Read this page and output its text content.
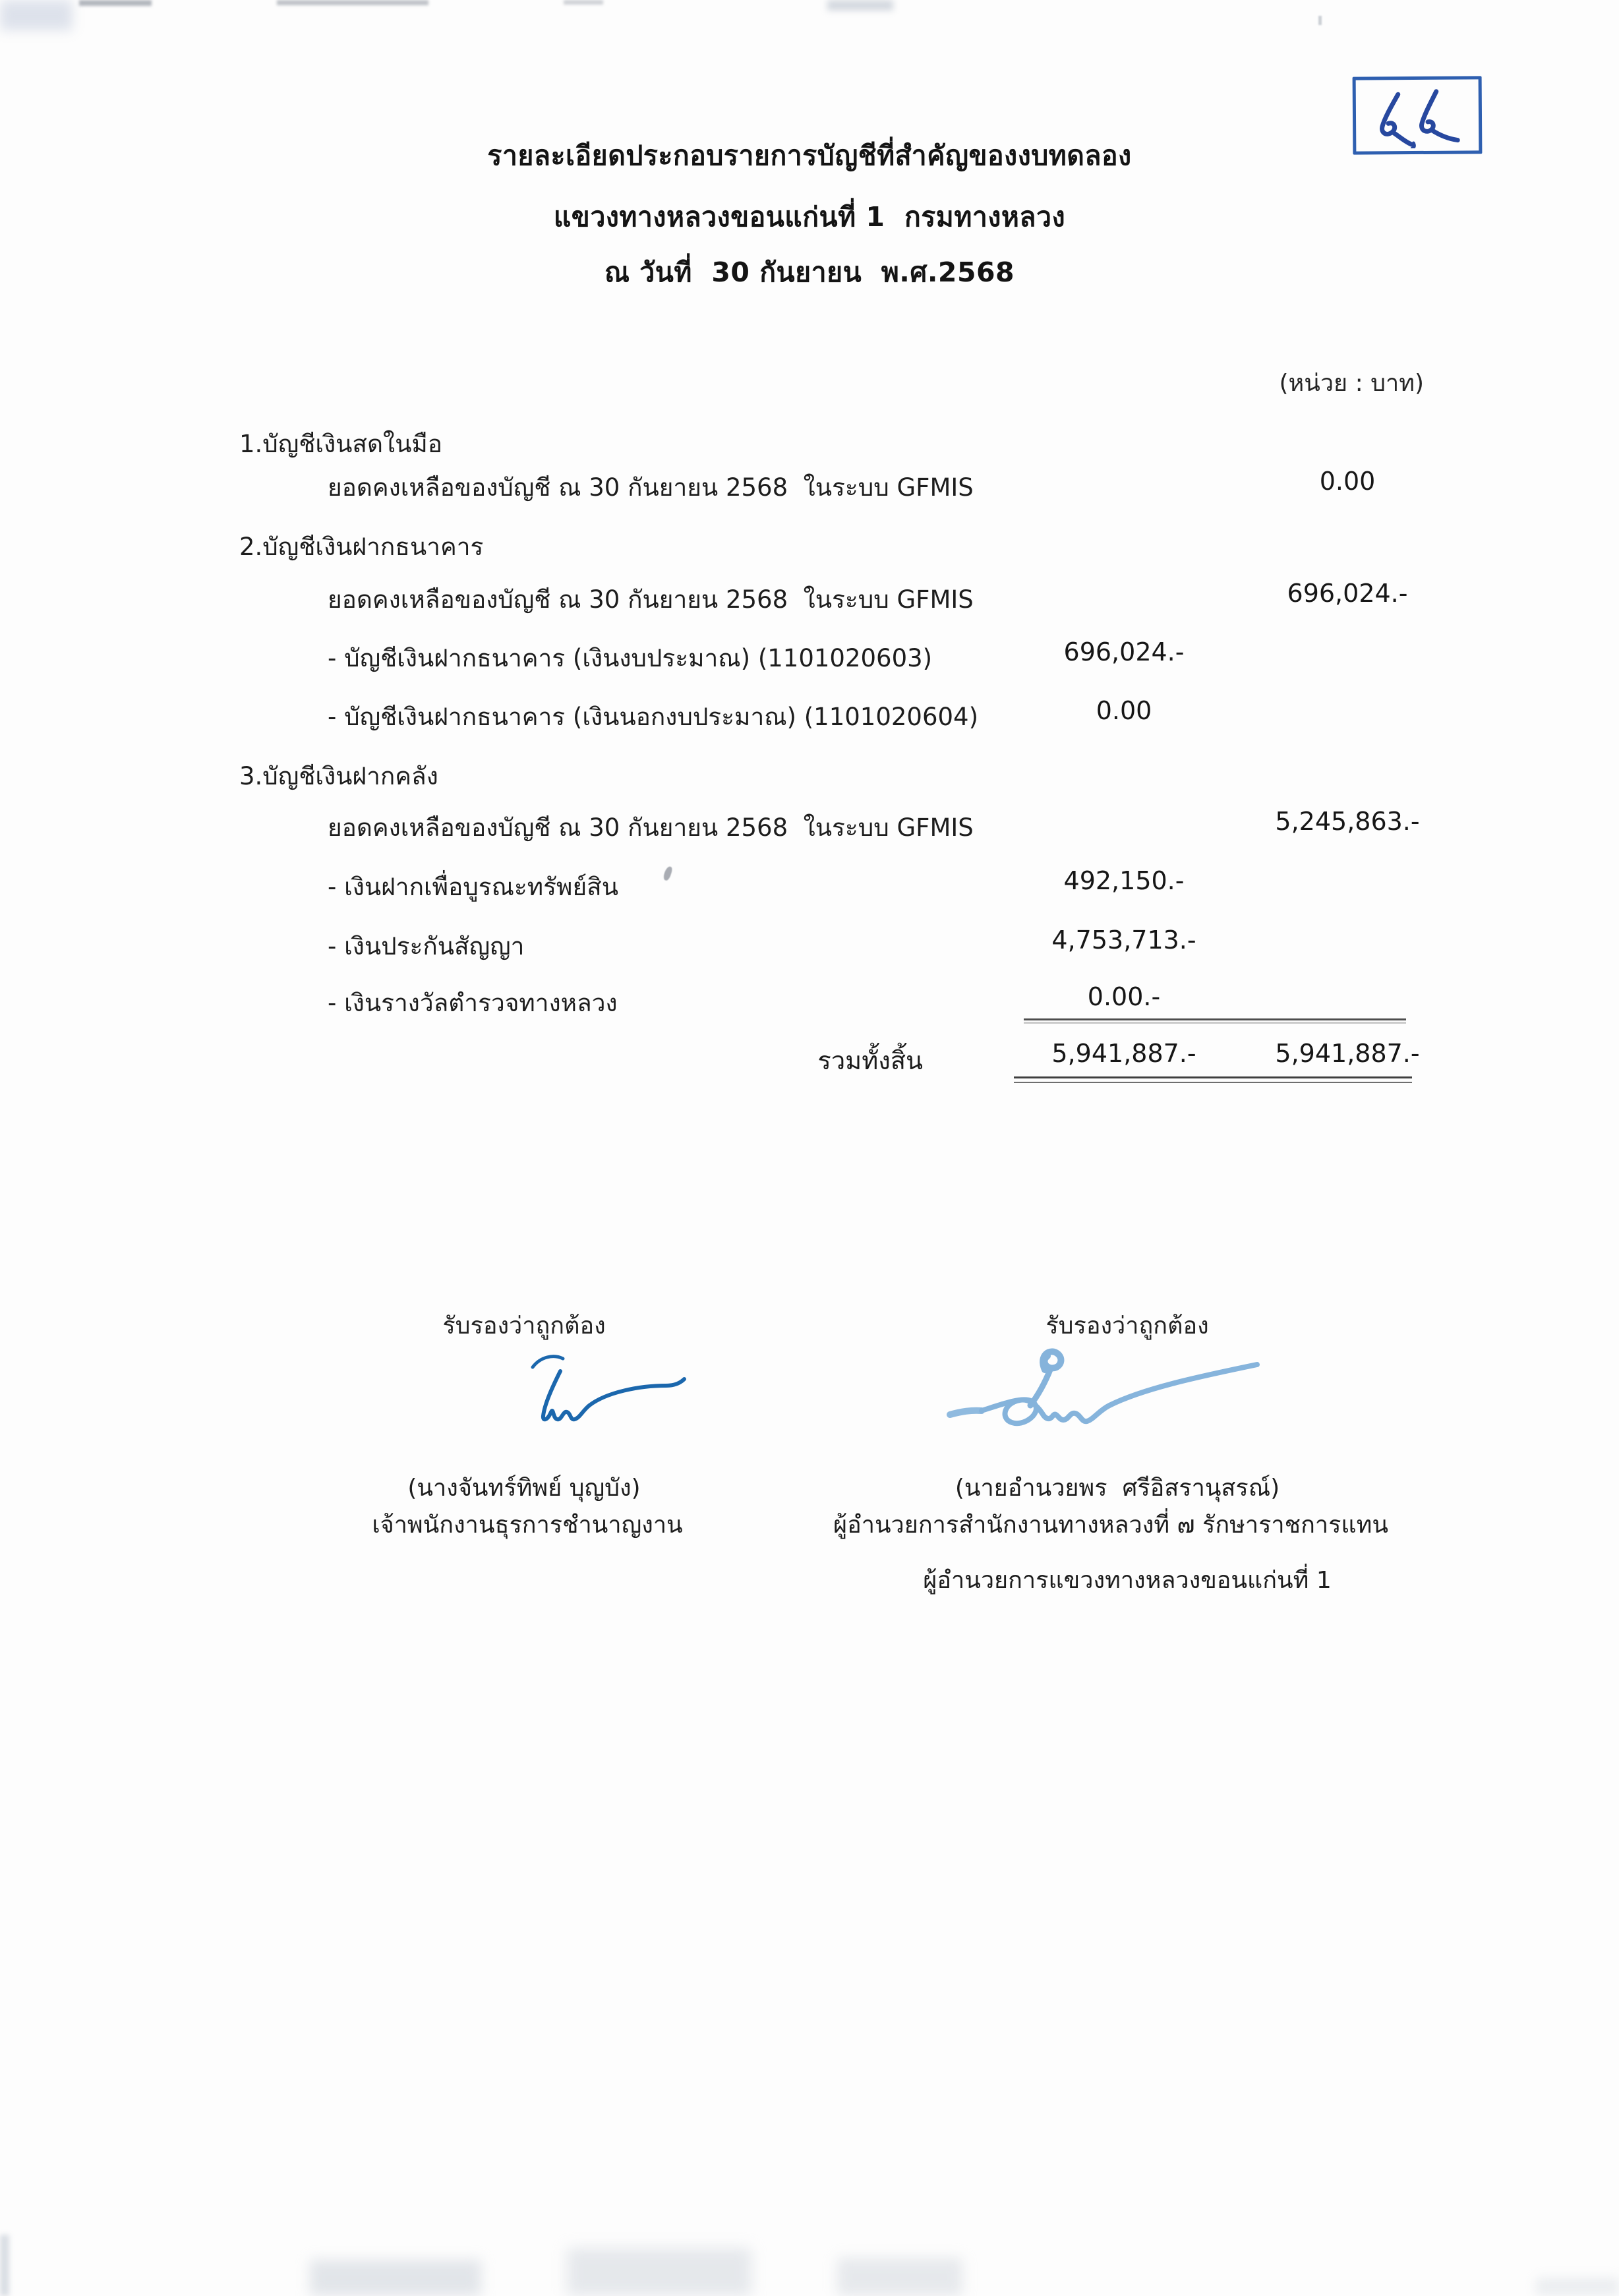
รายละเอียดประกอบรายการบัญชีที่สำคัญของงบทดลอง
แขวงทางหลวงขอนแก่นที่ 1  กรมทางหลวง
ณ วันที่  30 กันยายน  พ.ศ.2568
(หน่วย : บาท)
1.บัญชีเงินสดในมือ
ยอดคงเหลือของบัญชี ณ 30 กันยายน 2568  ในระบบ GFMIS	0.00
2.บัญชีเงินฝากธนาคาร
ยอดคงเหลือของบัญชี ณ 30 กันยายน 2568  ในระบบ GFMIS	696,024.-
- บัญชีเงินฝากธนาคาร (เงินงบประมาณ) (1101020603)	696,024.-
- บัญชีเงินฝากธนาคาร (เงินนอกงบประมาณ) (1101020604)	0.00
3.บัญชีเงินฝากคลัง
ยอดคงเหลือของบัญชี ณ 30 กันยายน 2568  ในระบบ GFMIS	5,245,863.-
- เงินฝากเพื่อบูรณะทรัพย์สิน	492,150.-
- เงินประกันสัญญา	4,753,713.-
- เงินรางวัลตำรวจทางหลวง	0.00.-
รวมทั้งสิ้น	5,941,887.-	5,941,887.-
รับรองว่าถูกต้อง	รับรองว่าถูกต้อง
(นางจันทร์ทิพย์ บุญบัง)	(นายอำนวยพร  ศรีอิสรานุสรณ์)
เจ้าพนักงานธุรการชำนาญงาน	ผู้อำนวยการสำนักงานทางหลวงที่ ๗ รักษาราชการแทน
ผู้อำนวยการแขวงทางหลวงขอนแก่นที่ 1
